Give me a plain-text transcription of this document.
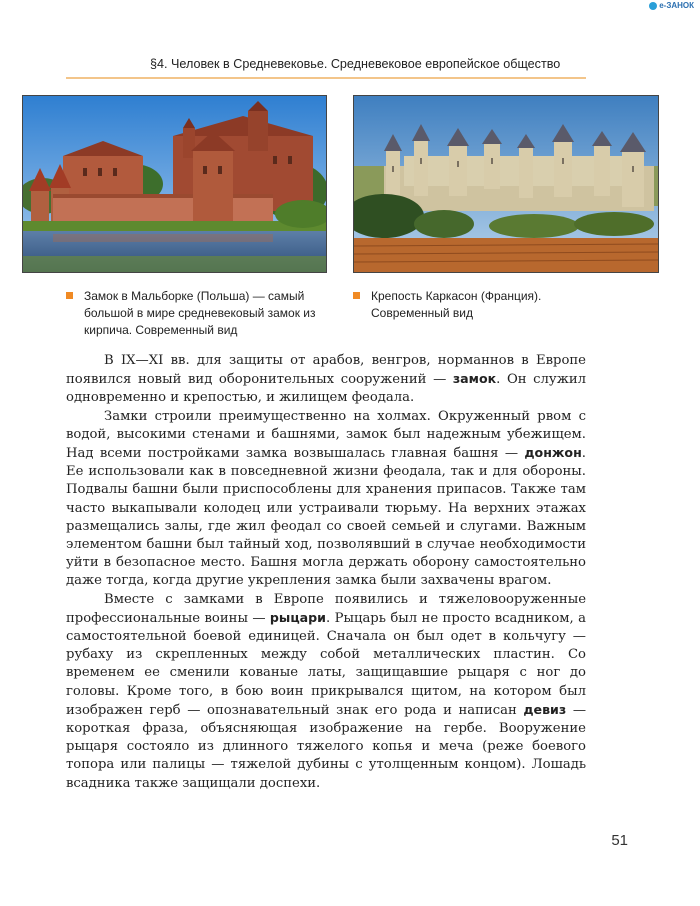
e-ЗАНОК
§4. Человек в Средневековье. Средневековое европейское общество
Замок в Мальборке (Польша) — самый большой в мире средневековый замок из кирпича. Современный вид
Крепость Каркасон (Франция). Современный вид

В IX—XI вв. для защиты от арабов, венгров, норманнов в Европе появился новый вид оборонительных сооружений — замок. Он служил одновременно и крепостью, и жилищем феодала.

Замки строили преимущественно на холмах. Окруженный рвом с водой, высокими стенами и башнями, замок был надежным убежищем. Над всеми постройками замка возвышалась главная башня — донжон. Ее использовали как в повседневной жизни феодала, так и для обороны. Подвалы башни были приспособлены для хранения припасов. Также там часто выкапывали колодец или устраивали тюрьму. На верхних этажах размещались залы, где жил феодал со своей семьей и слугами. Важным элементом башни был тайный ход, позволявший в случае необходимости уйти в безопасное место. Башня могла держать оборону самостоятельно даже тогда, когда другие укрепления замка были захвачены врагом.

Вместе с замками в Европе появились и тяжеловооруженные профессиональные воины — рыцари. Рыцарь был не просто всадником, а самостоятельной боевой единицей. Сначала он был одет в кольчугу — рубаху из скрепленных между собой металлических пластин. Со временем ее сменили кованые латы, защищавшие рыцаря с ног до головы. Кроме того, в бою воин прикрывался щитом, на котором был изображен герб — опознавательный знак его рода и написан девиз — короткая фраза, объясняющая изображение на гербе. Вооружение рыцаря состояло из длинного тяжелого копья и меча (реже боевого топора или палицы — тяжелой дубины с утолщенным концом). Лошадь всадника также защищали доспехи.

51
